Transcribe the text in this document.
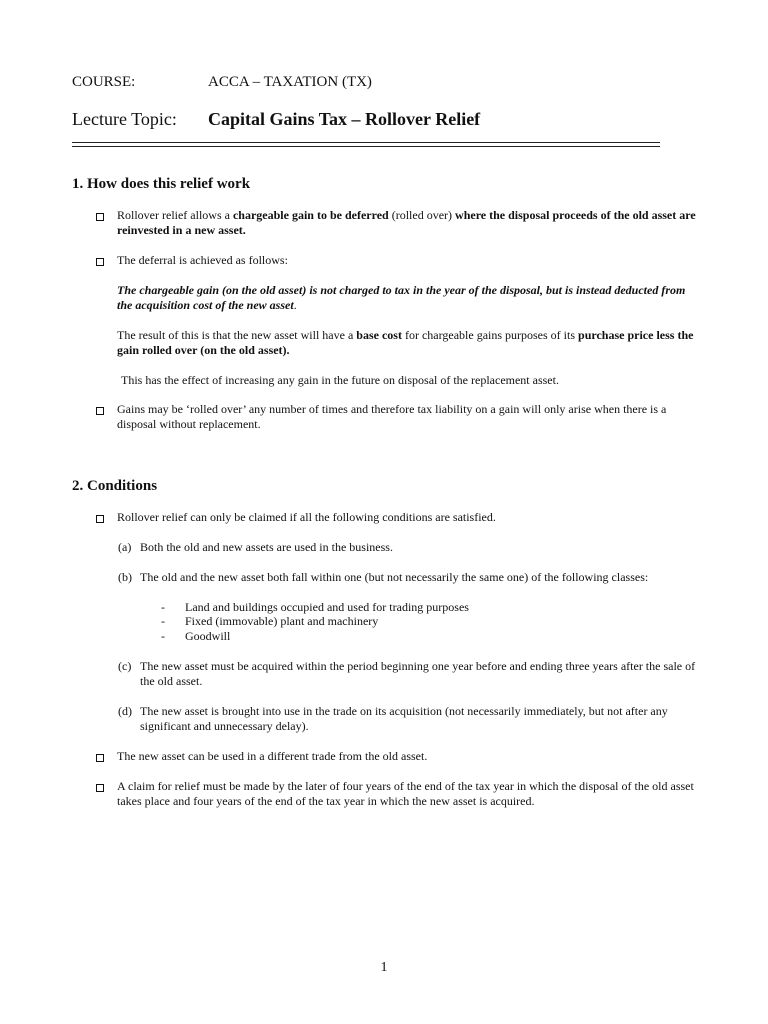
COURSE:	ACCA – TAXATION (TX)
Lecture Topic: Capital Gains Tax – Rollover Relief
1. How does this relief work
Rollover relief allows a chargeable gain to be deferred (rolled over) where the disposal proceeds of the old asset are reinvested in a new asset.
The deferral is achieved as follows:
The chargeable gain (on the old asset) is not charged to tax in the year of the disposal, but is instead deducted from the acquisition cost of the new asset.
The result of this is that the new asset will have a base cost for chargeable gains purposes of its purchase price less the gain rolled over (on the old asset).
This has the effect of increasing any gain in the future on disposal of the replacement asset.
Gains may be ‘rolled over’ any number of times and therefore tax liability on a gain will only arise when there is a disposal without replacement.
2. Conditions
Rollover relief can only be claimed if all the following conditions are satisfied.
(a) Both the old and new assets are used in the business.
(b) The old and the new asset both fall within one (but not necessarily the same one) of the following classes:
- Land and buildings occupied and used for trading purposes
- Fixed (immovable) plant and machinery
- Goodwill
(c) The new asset must be acquired within the period beginning one year before and ending three years after the sale of the old asset.
(d) The new asset is brought into use in the trade on its acquisition (not necessarily immediately, but not after any significant and unnecessary delay).
The new asset can be used in a different trade from the old asset.
A claim for relief must be made by the later of four years of the end of the tax year in which the disposal of the old asset takes place and four years of the end of the tax year in which the new asset is acquired.
1
